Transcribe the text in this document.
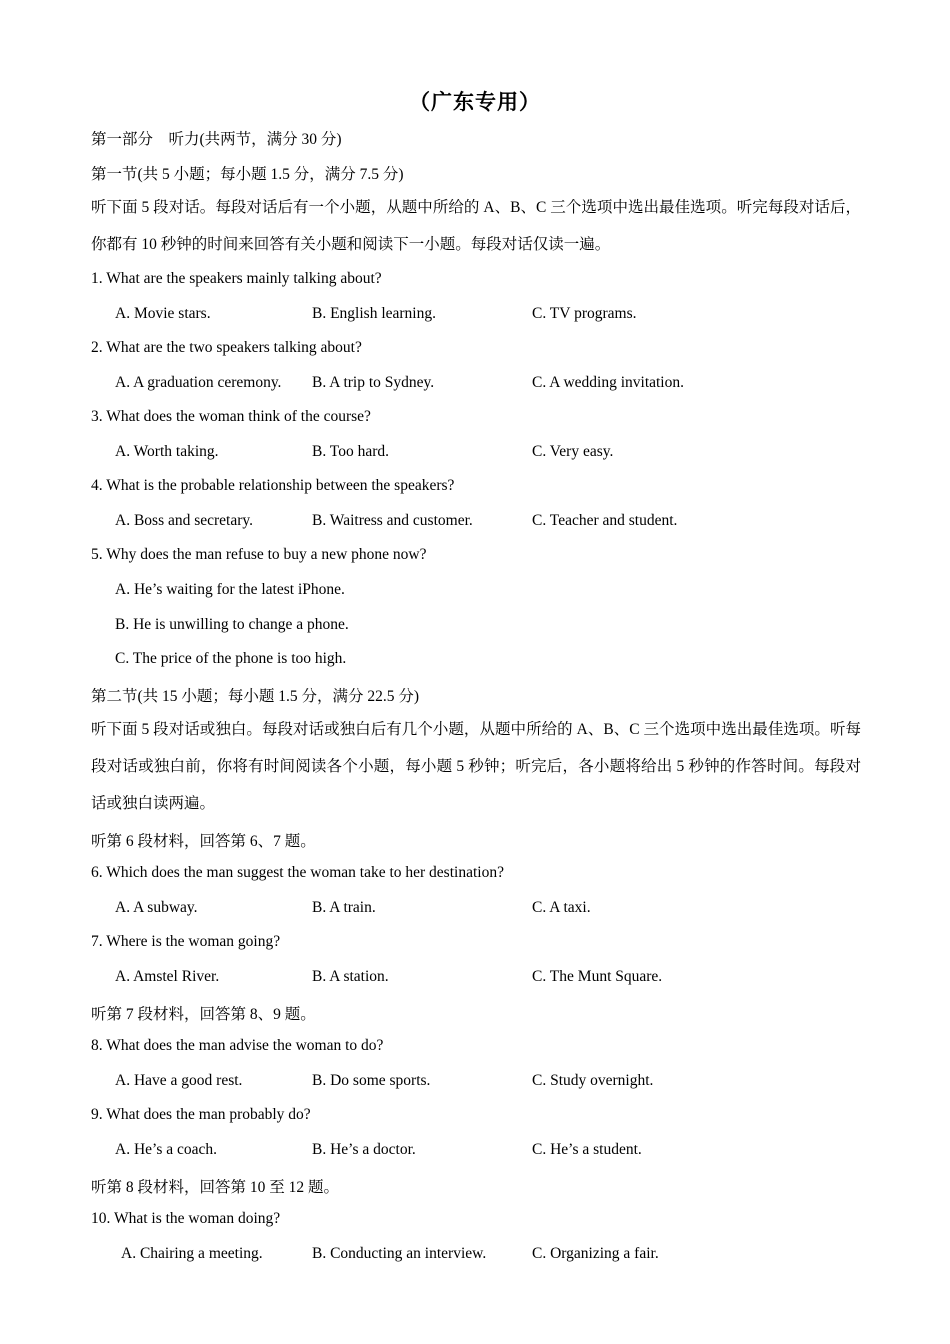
（广东专用）
第一部分　听力(共两节，满分 30 分)
第一节(共 5 小题；每小题 1.5 分，满分 7.5 分)
听下面 5 段对话。每段对话后有一个小题，从题中所给的 A、B、C 三个选项中选出最佳选项。听完每段对话后，你都有 10 秒钟的时间来回答有关小题和阅读下一小题。每段对话仅读一遍。
1. What are the speakers mainly talking about?
A. Movie stars.	B. English learning.	C. TV programs.
2. What are the two speakers talking about?
A. A graduation ceremony. B. A trip to Sydney.	C. A wedding invitation.
3. What does the woman think of the course?
A. Worth taking.	B. Too hard.	C. Very easy.
4. What is the probable relationship between the speakers?
A. Boss and secretary.	B. Waitress and customer.	C. Teacher and student.
5. Why does the man refuse to buy a new phone now?
A. He’s waiting for the latest iPhone.
B. He is unwilling to change a phone.
C. The price of the phone is too high.
第二节(共 15 小题；每小题 1.5 分，满分 22.5 分)
听下面 5 段对话或独白。每段对话或独白后有几个小题，从题中所给的 A、B、C 三个选项中选出最佳选项。听每段对话或独白前，你将有时间阅读各个小题，每小题 5 秒钟；听完后，各小题将给出 5 秒钟的作答时间。每段对话或独白读两遍。
听第 6 段材料，回答第 6、7 题。
6. Which does the man suggest the woman take to her destination?
A. A subway.	B. A train.	C. A taxi.
7. Where is the woman going?
A. Amstel River.	B. A station.	C. The Munt Square.
听第 7 段材料，回答第 8、9 题。
8. What does the man advise the woman to do?
A. Have a good rest.	B. Do some sports.	C. Study overnight.
9. What does the man probably do?
A. He’s a coach.	B. He’s a doctor.	C. He’s a student.
听第 8 段材料，回答第 10 至 12 题。
10. What is the woman doing?
A. Chairing a meeting.	B. Conducting an interview.	C. Organizing a fair.
